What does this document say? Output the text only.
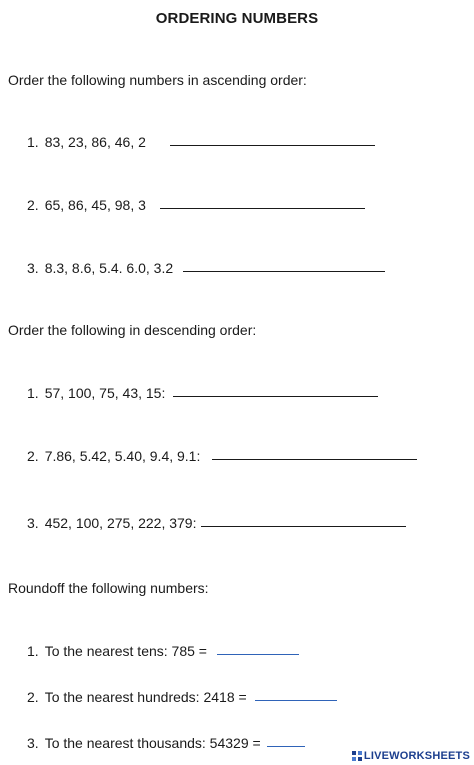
ORDERING NUMBERS
Order the following numbers in ascending order:
1. 83, 23, 86, 46, 2
2. 65, 86, 45, 98, 3
3. 8.3, 8.6, 5.4. 6.0, 3.2
Order the following in descending order:
1. 57, 100, 75, 43, 15:
2. 7.86, 5.42, 5.40, 9.4, 9.1:
3. 452, 100, 275, 222, 379:
Roundoff the following numbers:
1. To the nearest tens: 785 =
2. To the nearest hundreds: 2418 =
3. To the nearest thousands: 54329 =
LIVEWORKSHEETS
